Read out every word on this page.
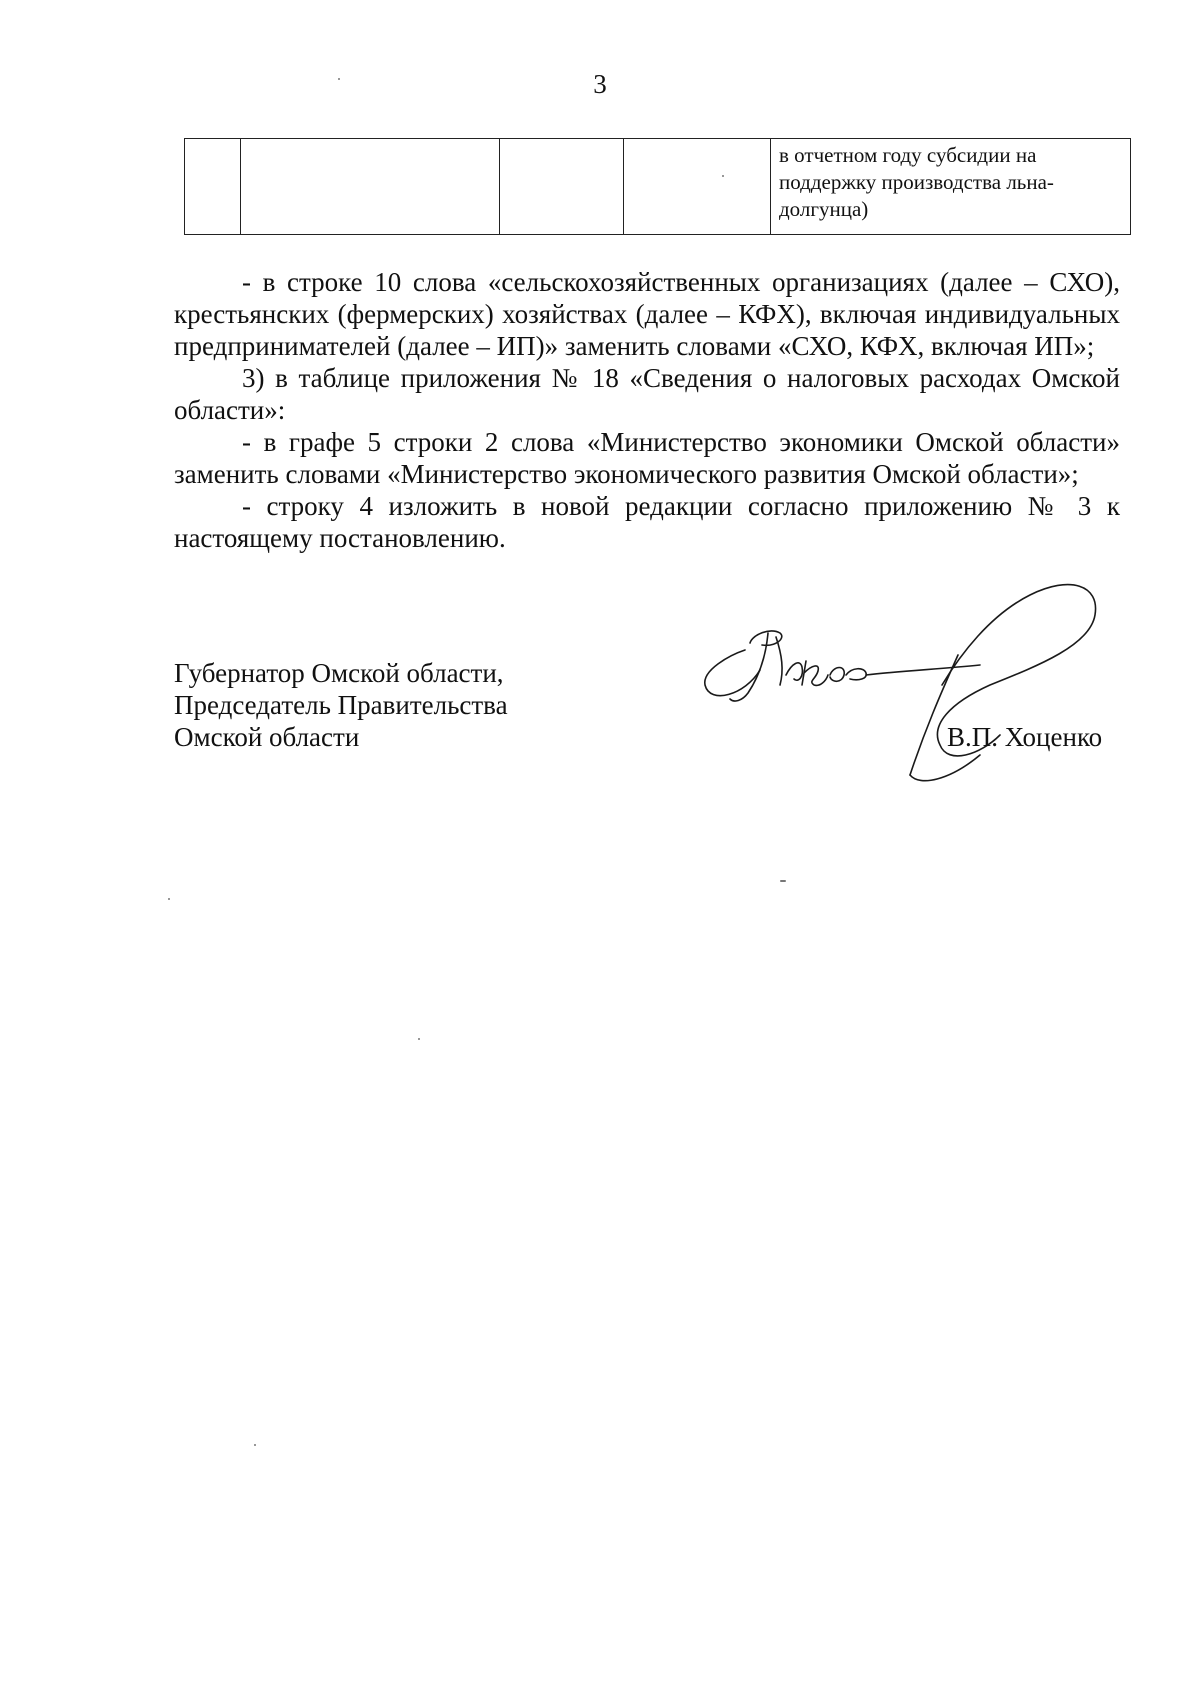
3

в отчетном году субсидии на
поддержку производства льна-
долгунца)

- в строке 10 слова «сельскохозяйственных организациях (далее – СХО), крестьянских (фермерских) хозяйствах (далее – КФХ), включая индивидуальных предпринимателей (далее – ИП)» заменить словами «СХО, КФХ, включая ИП»;

3) в таблице приложения № 18 «Сведения о налоговых расходах Омской области»:

- в графе 5 строки 2 слова «Министерство экономики Омской области» заменить словами «Министерство экономического развития Омской области»;

- строку 4 изложить в новой редакции согласно приложению № 3 к настоящему постановлению.

Губернатор Омской области,
Председатель Правительства
Омской области	В.П. Хоценко
